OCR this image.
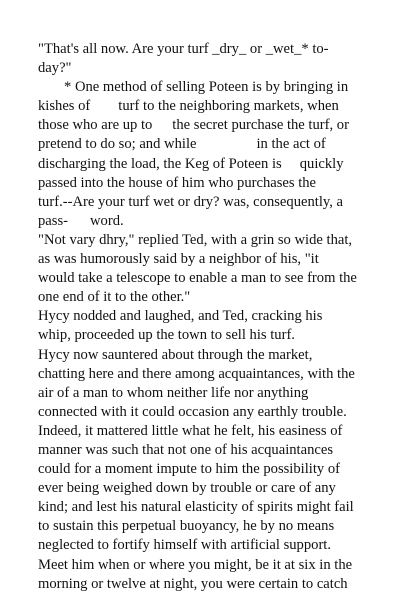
"That's all now. Are your turf _dry_ or _wet_* to-
day?"
* One method of selling Poteen is by bringing in
kishes of turf to the neighboring markets, when
those who are up to the secret purchase the turf, or
pretend to do so; and while	in the act of
discharging the load, the Keg of Poteen is quickly
passed into the house of him who purchases the
turf.--Are your turf wet or dry? was, consequently, a
pass- word.
"Not vary dhry," replied Ted, with a grin so wide that,
as was humorously said by a neighbor of his, "it
would take a telescope to enable a man to see from the
one end of it to the other."
Hycy nodded and laughed, and Ted, cracking his
whip, proceeded up the town to sell his turf.
Hycy now sauntered about through the market,
chatting here and there among acquaintances, with the
air of a man to whom neither life nor anything
connected with it could occasion any earthly trouble.
Indeed, it mattered little what he felt, his easiness of
manner was such that not one of his acquaintances
could for a moment impute to him the possibility of
ever being weighed down by trouble or care of any
kind; and lest his natural elasticity of spirits might fail
to sustain this perpetual buoyancy, he by no means
neglected to fortify himself with artificial support.
Meet him when or where you might, be it at six in the
morning or twelve at night, you were certain to catch
